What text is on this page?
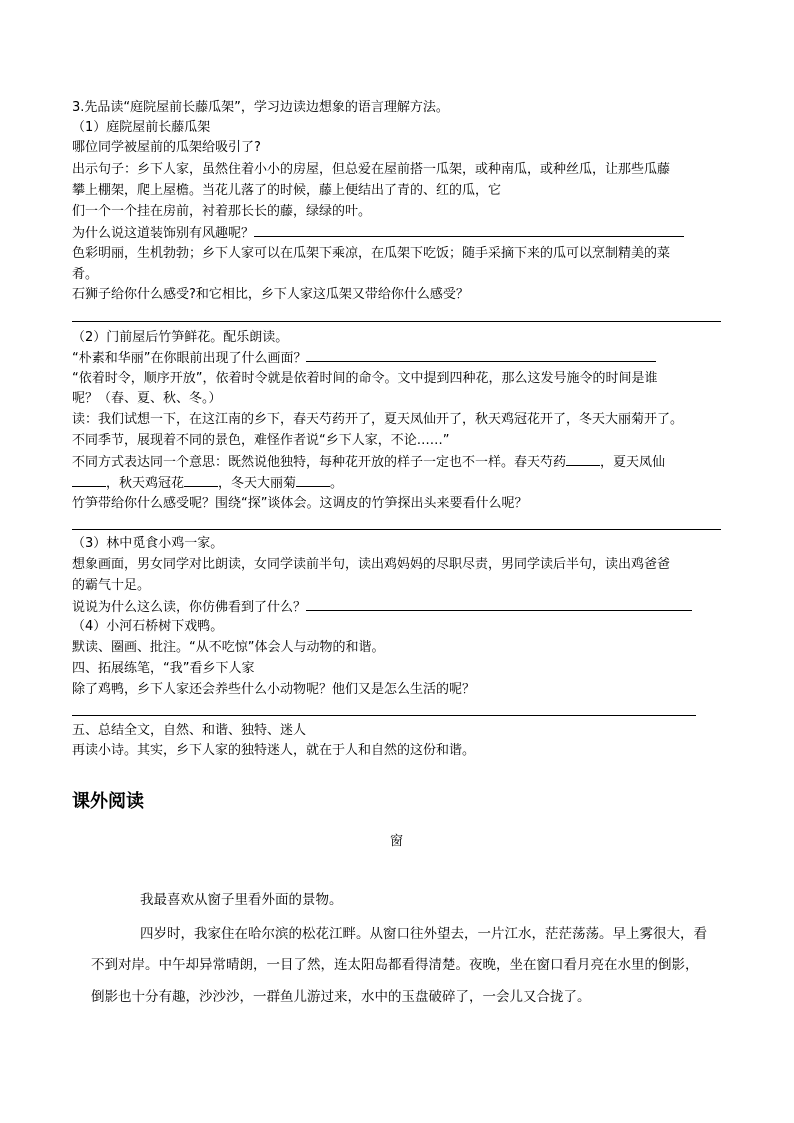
3.先品读“庭院屋前长藤瓜架”，学习边读边想象的语言理解方法。
（1）庭院屋前长藤瓜架
哪位同学被屋前的瓜架给吸引了?
出示句子：乡下人家，虽然住着小小的房屋，但总爱在屋前搭一瓜架，或种南瓜，或种丝瓜，让那些瓜藤
攀上棚架，爬上屋檐。当花儿落了的时候，藤上便结出了青的、红的瓜，它
们一个一个挂在房前，衬着那长长的藤，绿绿的叶。
为什么说这道装饰别有风趣呢？
色彩明丽，生机勃勃；乡下人家可以在瓜架下乘凉，在瓜架下吃饭；随手采摘下来的瓜可以烹制精美的菜
肴。
石狮子给你什么感受?和它相比，乡下人家这瓜架又带给你什么感受？
（2）门前屋后竹笋鲜花。配乐朗读。
“朴素和华丽”在你眼前出现了什么画面？
“依着时令，顺序开放”，依着时令就是依着时间的命令。文中提到四种花，那么这发号施令的时间是谁
呢？（春、夏、秋、冬。）
读：我们试想一下，在这江南的乡下，春天芍药开了，夏天凤仙开了，秋天鸡冠花开了，冬天大丽菊开了。
不同季节，展现着不同的景色，难怪作者说“乡下人家，不论……”
不同方式表达同一个意思：既然说他独特，每种花开放的样子一定也不一样。春天芍药	，夏天凤仙
，秋天鸡冠花	，冬天大丽菊	。
竹笋带给你什么感受呢？围绕“探”谈体会。这调皮的竹笋探出头来要看什么呢？
（3）林中觅食小鸡一家。
想象画面，男女同学对比朗读，女同学读前半句，读出鸡妈妈的尽职尽责，男同学读后半句，读出鸡爸爸
的霸气十足。
说说为什么这么读，你仿佛看到了什么？
（4）小河石桥树下戏鸭。
默读、圈画、批注。“从不吃惊”体会人与动物的和谐。
四、拓展练笔，“我”看乡下人家
除了鸡鸭，乡下人家还会养些什么小动物呢？他们又是怎么生活的呢？
五、总结全文，自然、和谐、独特、迷人
再读小诗。其实，乡下人家的独特迷人，就在于人和自然的这份和谐。
课外阅读
窗
我最喜欢从窗子里看外面的景物。
四岁时，我家住在哈尔滨的松花江畔。从窗口往外望去，一片江水，茫茫荡荡。早上雾很大，看
不到对岸。中午却异常晴朗，一目了然，连太阳岛都看得清楚。夜晚，坐在窗口看月亮在水里的倒影，
倒影也十分有趣，沙沙沙，一群鱼儿游过来，水中的玉盘破碎了，一会儿又合拢了。
